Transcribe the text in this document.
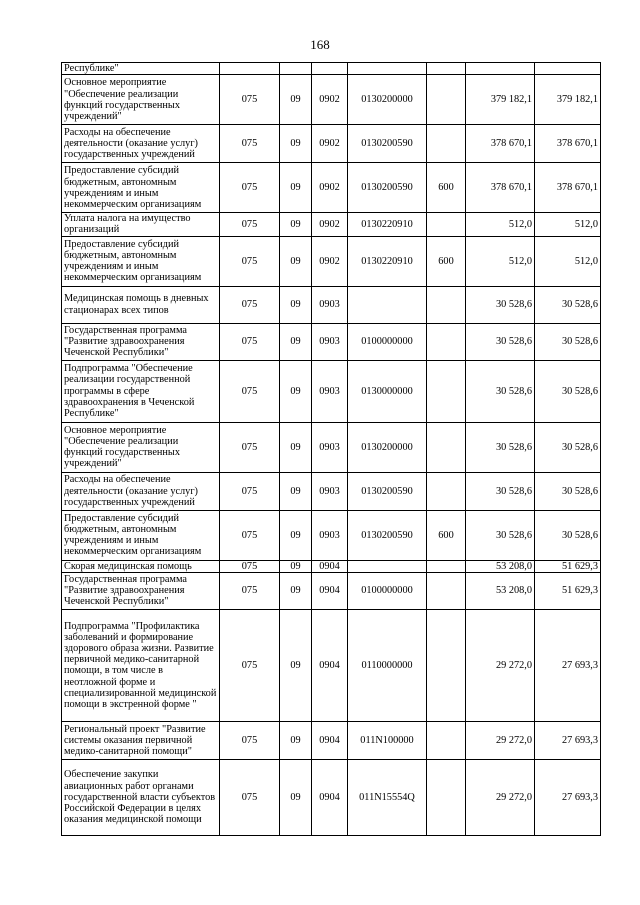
168
Республике"							
Основное мероприятие "Обеспечение реализации функций государственных учреждений"	075	09	0902	0130200000		379 182,1	379 182,1
Расходы на обеспечение деятельности (оказание услуг) государственных учреждений	075	09	0902	0130200590		378 670,1	378 670,1
Предоставление субсидий бюджетным, автономным учреждениям и иным некоммерческим организациям	075	09	0902	0130200590	600	378 670,1	378 670,1
Уплата налога на имущество организаций	075	09	0902	0130220910		512,0	512,0
Предоставление субсидий бюджетным, автономным учреждениям и иным некоммерческим организациям	075	09	0902	0130220910	600	512,0	512,0
Медицинская помощь в дневных стационарах всех типов	075	09	0903			30 528,6	30 528,6
Государственная программа "Развитие здравоохранения Чеченской Республики"	075	09	0903	0100000000		30 528,6	30 528,6
Подпрограмма "Обеспечение реализации государственной программы в сфере здравоохранения в Чеченской Республике"	075	09	0903	0130000000		30 528,6	30 528,6
Основное мероприятие "Обеспечение реализации функций государственных учреждений"	075	09	0903	0130200000		30 528,6	30 528,6
Расходы на обеспечение деятельности (оказание услуг) государственных учреждений	075	09	0903	0130200590		30 528,6	30 528,6
Предоставление субсидий бюджетным, автономным учреждениям и иным некоммерческим организациям	075	09	0903	0130200590	600	30 528,6	30 528,6
Скорая медицинская помощь	075	09	0904			53 208,0	51 629,3
Государственная программа "Развитие здравоохранения Чеченской Республики"	075	09	0904	0100000000		53 208,0	51 629,3
Подпрограмма "Профилактика заболеваний и формирование здорового образа жизни. Развитие первичной медико-санитарной помощи, в том числе в неотложной форме и специализированной медицинской помощи в экстренной форме "	075	09	0904	0110000000		29 272,0	27 693,3
Региональный проект "Развитие системы оказания первичной медико-санитарной помощи"	075	09	0904	011N100000		29 272,0	27 693,3
Обеспечение закупки авиационных работ органами государственной власти субъектов Российской Федерации в целях оказания медицинской помощи	075	09	0904	011N15554Q		29 272,0	27 693,3
